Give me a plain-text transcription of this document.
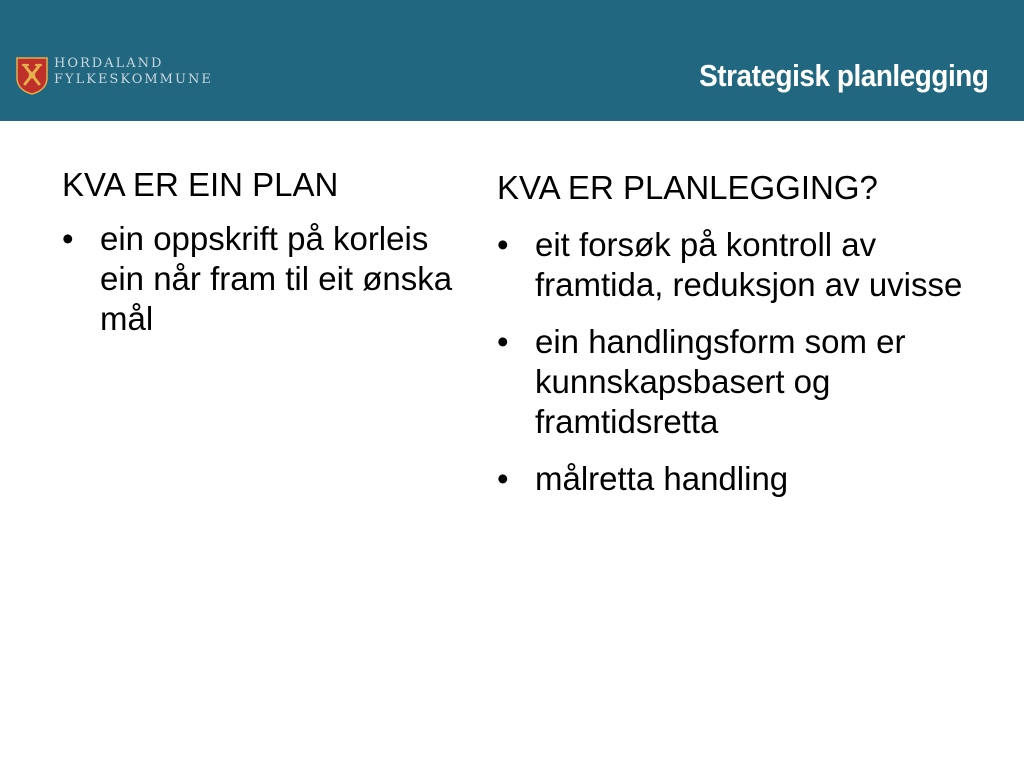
HORDALAND
FYLKESKOMMUNE	Strategisk planlegging
KVA ER EIN PLAN
• ein oppskrift på korleis ein når fram til eit ønska mål
KVA ER PLANLEGGING?
• eit forsøk på kontroll av framtida, reduksjon av uvisse
• ein handlingsform som er kunnskapsbasert og framtidsretta
• målretta handling
